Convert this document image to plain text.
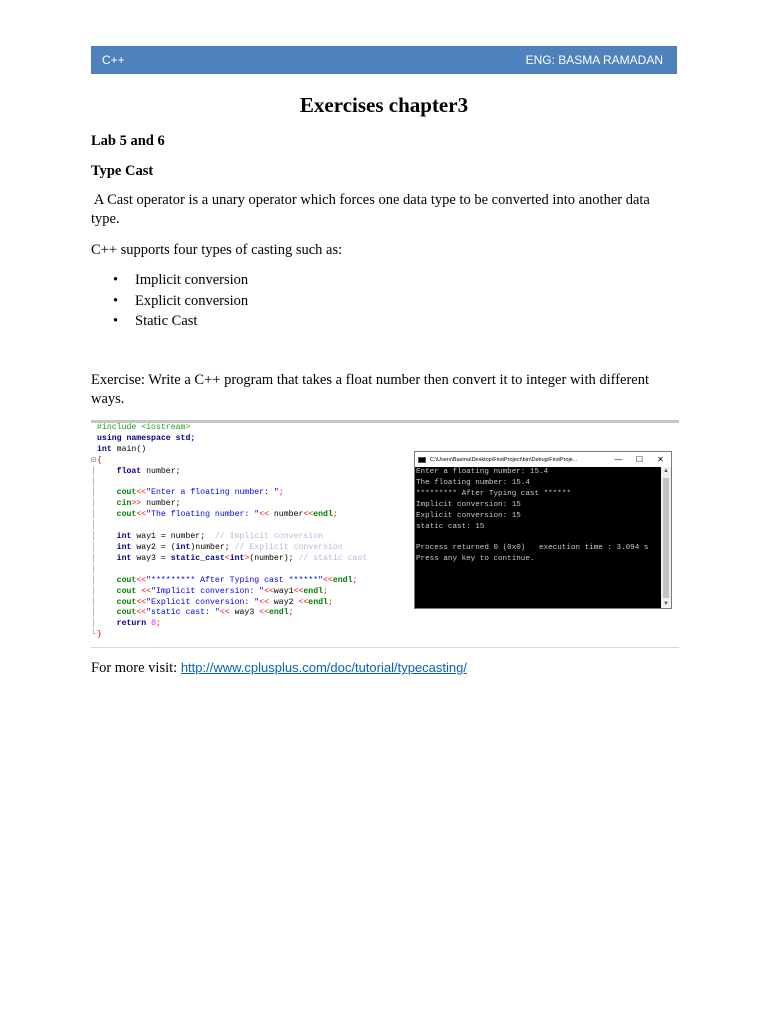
C++	ENG: BASMA RAMADAN
Exercises chapter3
Lab 5 and 6
Type Cast
A Cast operator is a unary operator which forces one data type to be converted into another data
type.
C++ supports four types of casting such as:
• Implicit conversion
• Explicit conversion
• Static Cast
Exercise: Write a C++ program that takes a float number then convert it to integer with different
ways.
#include <iostream>
using namespace std;
int main()
⊟{
│	float number;
│
│	cout<<"Enter a floating number: ";
│	cin>> number;
│	cout<<"The floating number: "<< number<<endl;
│
│	int way1 = number; // Implicit conversion
│	int way2 = (int)number; // Explicit conversion
│	int way3 = static_cast<int>(number); // static cast
│
│	cout<<"********* After Typing cast ******"<<endl;
│	cout <<"Implicit conversion: "<<way1<<endl;
│	cout<<"Explicit conversion: "<< way2 <<endl;
│	cout<<"static cast: "<< way3 <<endl;
│	return 0;
└}
C:\Users\Basma\Desktop\FirstProject\bin\Debug\FirstProje...	—	☐	✕
Enter a floating number: 15.4
The floating number: 15.4
********* After Typing cast ******
Implicit conversion: 15
Explicit conversion: 15
static cast: 15

Process returned 0 (0x0)   execution time : 3.094 s
Press any key to continue.
▲
▼
For more visit: http://www.cplusplus.com/doc/tutorial/typecasting/
